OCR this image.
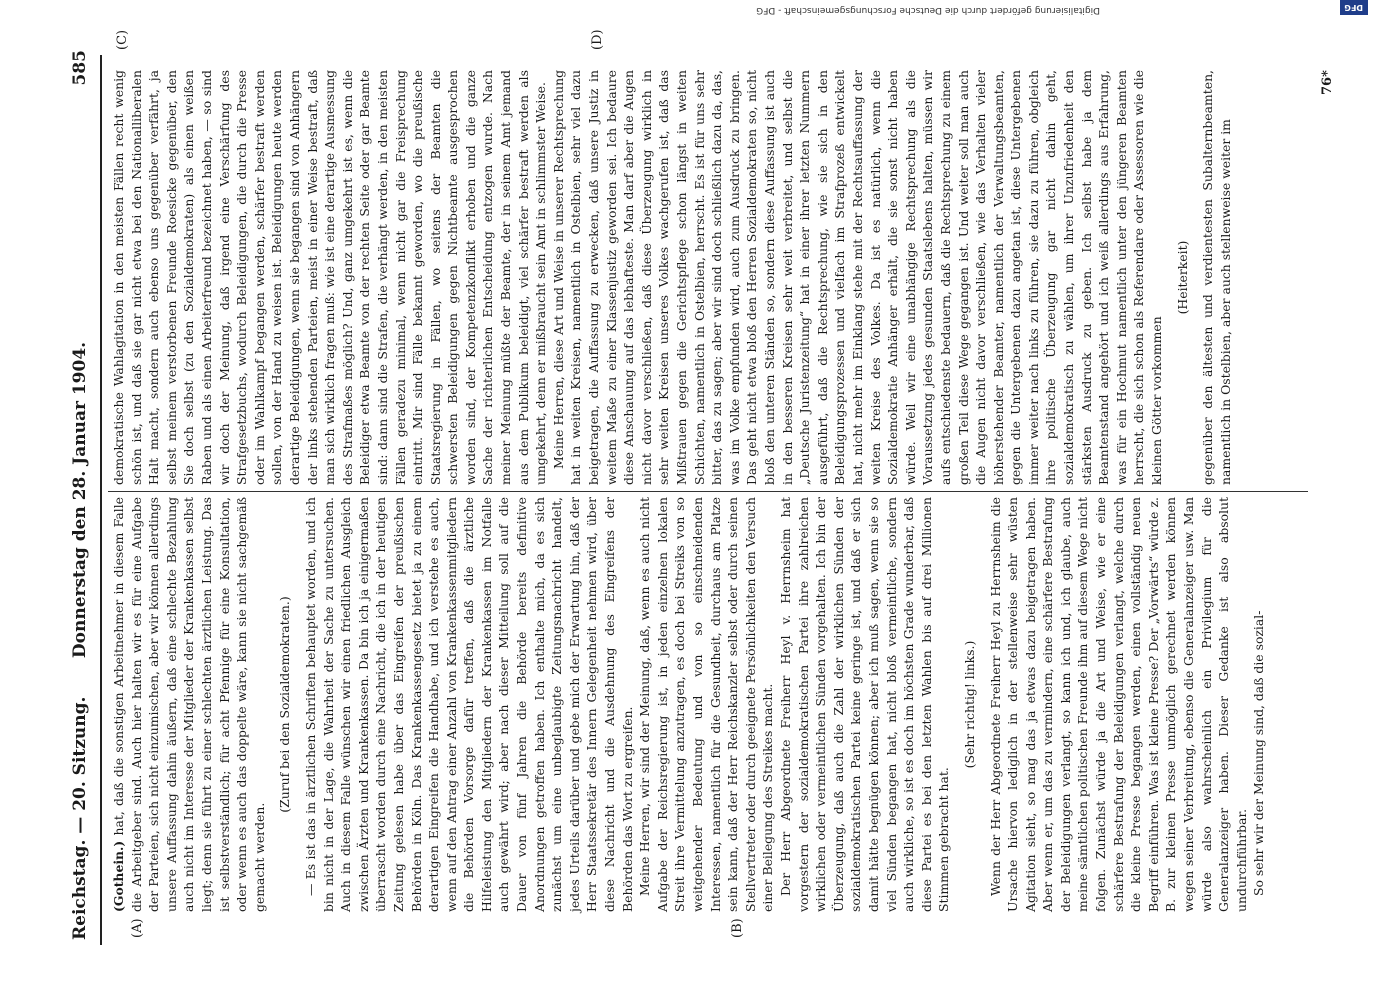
Reichstag. — 20. Sitzung.
Donnerstag den 28. Januar 1904.
585
(A)	(B)
(C)	(D)

(Gothein.) hat, daß die sonstigen Arbeitnehmer in diesem Falle die Arbeitgeber sind. Auch hier halten wir es für eine Aufgabe der Parteien, sich nicht einzumischen, aber wir können allerdings unsere Auffassung dahin äußern, daß eine schlechte Bezahlung auch nicht im Interesse der Mitglieder der Krankenkassen selbst liegt; denn sie führt zu einer schlechten ärztlichen Leistung. Das ist selbstverständlich; für acht Pfennige für eine Konsultation, oder wenn es auch das doppelte wäre, kann sie nicht sachgemäß gemacht werden.

(Zuruf bei den Sozialdemokraten.) — Es ist das in ärztlichen Schriften behauptet worden, und ich bin nicht in der Lage, die Wahrheit der Sache zu untersuchen. Auch in diesem Falle wünschen wir einen friedlichen Ausgleich zwischen Ärzten und Krankenkassen. Da bin ich ja einigermaßen überrascht worden durch eine Nachricht, die ich in der heutigen Zeitung gelesen habe über das Eingreifen der preußischen Behörden in Köln. Das Krankenkassengesetz bietet ja zu einem derartigen Eingreifen die Handhabe, und ich verstehe es auch, wenn auf den Antrag einer Anzahl von Krankenkassenmitgliedern die Behörden Vorsorge dafür treffen, daß die ärztliche Hilfeleistung den Mitgliedern der Krankenkassen im Notfalle auch gewährt wird; aber nach dieser Mitteilung soll auf die Dauer von fünf Jahren die Behörde bereits definitive Anordnungen getroffen haben. Ich enthalte mich, da es sich zunächst um eine unbeglaubigte Zeitungsnachricht handelt, jedes Urteils darüber und gebe mich der Erwartung hin, daß der Herr Staatssekretär des Innern Gelegenheit nehmen wird, über diese Nachricht und die Ausdehnung des Eingreifens der Behörden das Wort zu ergreifen. Meine Herren, wir sind der Meinung, daß, wenn es auch nicht Aufgabe der Reichsregierung ist, in jeden einzelnen lokalen Streit ihre Vermittelung anzutragen, es doch bei Streiks von so weitgehender Bedeutung und von so einschneidenden Interessen, namentlich für die Gesundheit, durchaus am Platze sein kann, daß der Herr Reichskanzler selbst oder durch seinen Stellvertreter oder durch geeignete Persönlichkeiten den Versuch einer Beilegung des Streikes macht. Der Herr Abgeordnete Freiherr Heyl v. Herrnsheim hat vorgestern der sozialdemokratischen Partei ihre zahlreichen wirklichen oder vermeintlichen Sünden vorgehalten. Ich bin der Überzeugung, daß auch die Zahl der wirklichen Sünden der sozialdemokratischen Partei keine geringe ist, und daß er sich damit hätte begnügen können; aber ich muß sagen, wenn sie so viel Sünden begangen hat, nicht bloß vermeintliche, sondern auch wirkliche, so ist es doch im höchsten Grade wunderbar, daß diese Partei es bei den letzten Wahlen bis auf drei Millionen Stimmen gebracht hat.

(Sehr richtig! links.) Wenn der Herr Abgeordnete Freiherr Heyl zu Herrnsheim die Ursache hiervon lediglich in der stellenweise sehr wüsten Agitation sieht, so mag das ja etwas dazu beigetragen haben. Aber wenn er, um das zu vermindern, eine schärfere Bestrafung der Beleidigungen verlangt, so kann ich und, ich glaube, auch meine sämtlichen politischen Freunde ihm auf diesem Wege nicht folgen. Zunächst würde ja die Art und Weise, wie er eine schärfere Bestrafung der Beleidigungen verlangt, welche durch die kleine Presse begangen werden, einen vollständig neuen Begriff einführen. Was ist kleine Presse? Der „Vorwärts“ würde z. B. zur kleinen Presse unmöglich gerechnet werden können wegen seiner Verbreitung, ebenso die Generalanzeiger usw. Man würde also wahrscheinlich ein Privilegium für die Generalanzeiger haben. Dieser Gedanke ist also absolut undurchführbar. So sehr wir der Meinung sind, daß die sozial-

demokratische Wahlagitation in den meisten Fällen recht wenig schön ist, und daß sie gar nicht etwa bei den Nationalliberalen Halt macht, sondern auch ebenso uns gegenüber verfährt, ja selbst meinem verstorbenen Freunde Roesicke gegenüber, den Sie doch selbst (zu den Sozialdemokraten) als einen weißen Raben und als einen Arbeiterfreund bezeichnet haben, — so sind wir doch der Meinung, daß irgend eine Verschärfung des Strafgesetzbuchs, wodurch Beleidigungen, die durch die Presse oder im Wahlkampf begangen werden, schärfer bestraft werden sollen, von der Hand zu weisen ist. Beleidigungen heute werden derartige Beleidigungen, wenn sie begangen sind von Anhängern der links stehenden Parteien, meist in einer Weise bestraft, daß man sich wirklich fragen muß: wie ist eine derartige Ausmessung des Strafmaßes möglich? Und, ganz umgekehrt ist es, wenn die Beleidiger etwa Beamte von der rechten Seite oder gar Beamte sind: dann sind die Strafen, die verhängt werden, in den meisten Fällen geradezu minimal, wenn nicht gar die Freisprechung eintritt. Mir sind Fälle bekannt geworden, wo die preußische Staatsregierung in Fällen, wo seitens der Beamten die schwersten Beleidigungen gegen Nichtbeamte ausgesprochen worden sind, der Kompetenzkonflikt erhoben und die ganze Sache der richterlichen Entscheidung entzogen wurde. Nach meiner Meinung müßte der Beamte, der in seinem Amt jemand aus dem Publikum beleidigt, viel schärfer bestraft werden als umgekehrt, denn er mißbraucht sein Amt in schlimmster Weise. Meine Herren, diese Art und Weise in unserer Rechtsprechung hat in weiten Kreisen, namentlich in Ostelbien, sehr viel dazu beigetragen, die Auffassung zu erwecken, daß unsere Justiz in weitem Maße zu einer Klassenjustiz geworden sei. Ich bedaure diese Anschauung auf das lebhafteste. Man darf aber die Augen nicht davor verschließen, daß diese Überzeugung wirklich in sehr weiten Kreisen unseres Volkes wachgerufen ist, daß das Mißtrauen gegen die Gerichtspflege schon längst in weiten Schichten, namentlich in Ostelbien, herrscht. Es ist für uns sehr bitter, das zu sagen; aber wir sind doch schließlich dazu da, das, was im Volke empfunden wird, auch zum Ausdruck zu bringen. Das geht nicht etwa bloß den Herren Sozialdemokraten so, nicht bloß den unteren Ständen so, sondern diese Auffassung ist auch in den besseren Kreisen sehr weit verbreitet, und selbst die „Deutsche Juristenzeitung“ hat in einer ihrer letzten Nummern ausgeführt, daß die Rechtsprechung, wie sie sich in den Beleidigungsprozessen und vielfach im Strafprozeß entwickelt hat, nicht mehr im Einklang stehe mit der Rechtsauffassung der weiten Kreise des Volkes. Da ist es natürlich, wenn die Sozialdemokratie Anhänger erhält, die sie sonst nicht haben würde. Weil wir eine unabhängige Rechtsprechung als die Voraussetzung jedes gesunden Staatslebens halten, müssen wir aufs entschiedenste bedauern, daß die Rechtsprechung zu einem großen Teil diese Wege gegangen ist. Und weiter soll man auch die Augen nicht davor verschließen, wie das Verhalten vieler höherstehender Beamter, namentlich der Verwaltungsbeamten, gegen die Untergebenen dazu angetan ist, diese Untergebenen immer weiter nach links zu führen, sie dazu zu führen, obgleich ihre politische Überzeugung gar nicht dahin geht, sozialdemokratisch zu wählen, um ihrer Unzufriedenheit den stärksten Ausdruck zu geben. Ich selbst habe ja dem Beamtenstand angehört und ich weiß allerdings aus Erfahrung, was für ein Hochmut namentlich unter den jüngeren Beamten herrscht, die sich schon als Referendare oder Assessoren wie die kleinen Götter vorkommen

(Heiterkeit) gegenüber den ältesten und verdientesten Subalternbeamten, namentlich in Ostelbien, aber auch stellenweise weiter im

76*
Digitalisierung gefördert durch die Deutsche Forschungsgemeinschaft - DFG	DFG
